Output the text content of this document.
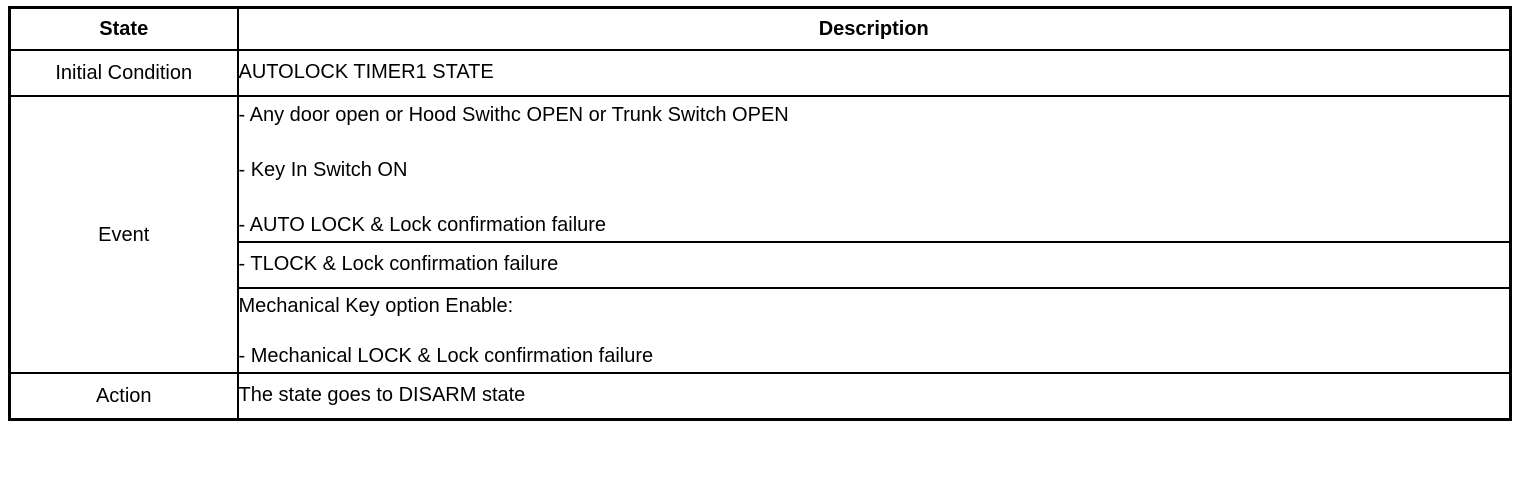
State	Description
Initial Condition	AUTOLOCK TIMER1 STATE
Event	- Any door open or Hood Swithc OPEN or Trunk Switch OPEN
- Key In Switch ON
- AUTO LOCK & Lock confirmation failure

	- TLOCK & Lock confirmation failure

	Mechanical Key option Enable:
- Mechanical LOCK & Lock confirmation failure

Action	The state goes to DISARM state
